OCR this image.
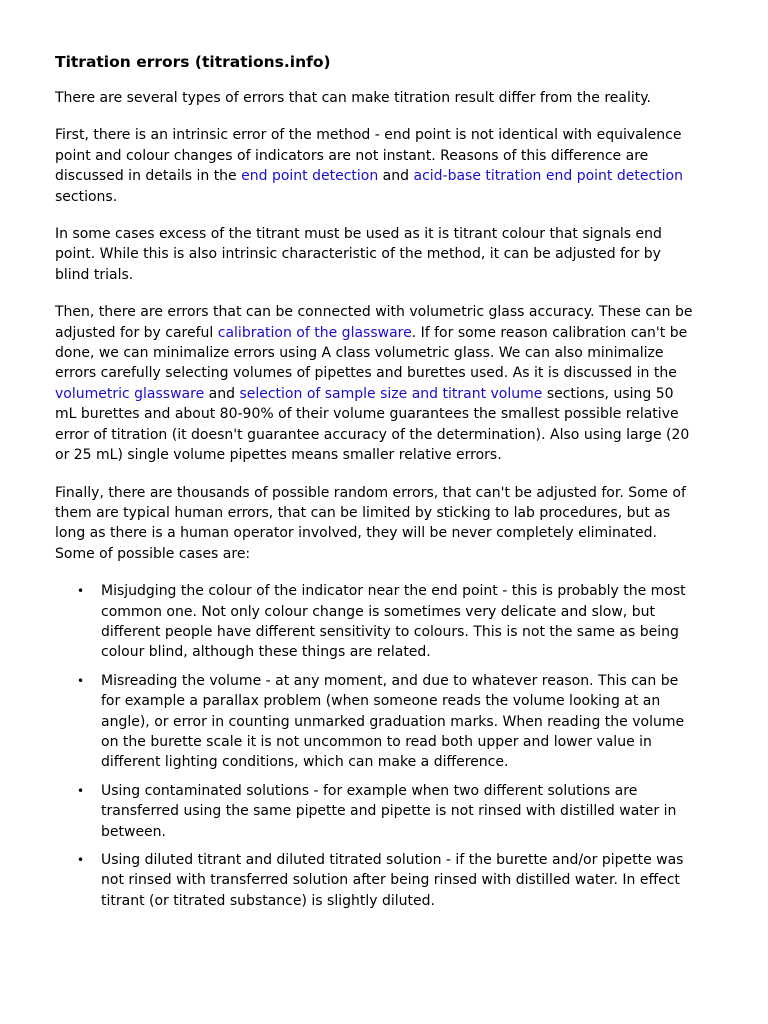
Titration errors (titrations.info)

There are several types of errors that can make titration result differ from the reality.

First, there is an intrinsic error of the method - end point is not identical with equivalence point and colour changes of indicators are not instant. Reasons of this difference are discussed in details in the end point detection and acid-base titration end point detection sections.

In some cases excess of the titrant must be used as it is titrant colour that signals end point. While this is also intrinsic characteristic of the method, it can be adjusted for by blind trials.

Then, there are errors that can be connected with volumetric glass accuracy. These can be adjusted for by careful calibration of the glassware. If for some reason calibration can't be done, we can minimalize errors using A class volumetric glass. We can also minimalize errors carefully selecting volumes of pipettes and burettes used. As it is discussed in the volumetric glassware and selection of sample size and titrant volume sections, using 50 mL burettes and about 80-90% of their volume guarantees the smallest possible relative error of titration (it doesn't guarantee accuracy of the determination). Also using large (20 or 25 mL) single volume pipettes means smaller relative errors.

Finally, there are thousands of possible random errors, that can't be adjusted for. Some of them are typical human errors, that can be limited by sticking to lab procedures, but as long as there is a human operator involved, they will be never completely eliminated. Some of possible cases are:

• Misjudging the colour of the indicator near the end point - this is probably the most common one. Not only colour change is sometimes very delicate and slow, but different people have different sensitivity to colours. This is not the same as being colour blind, although these things are related.
• Misreading the volume - at any moment, and due to whatever reason. This can be for example a parallax problem (when someone reads the volume looking at an angle), or error in counting unmarked graduation marks. When reading the volume on the burette scale it is not uncommon to read both upper and lower value in different lighting conditions, which can make a difference.
• Using contaminated solutions - for example when two different solutions are transferred using the same pipette and pipette is not rinsed with distilled water in between.
• Using diluted titrant and diluted titrated solution - if the burette and/or pipette was not rinsed with transferred solution after being rinsed with distilled water. In effect titrant (or titrated substance) is slightly diluted.
